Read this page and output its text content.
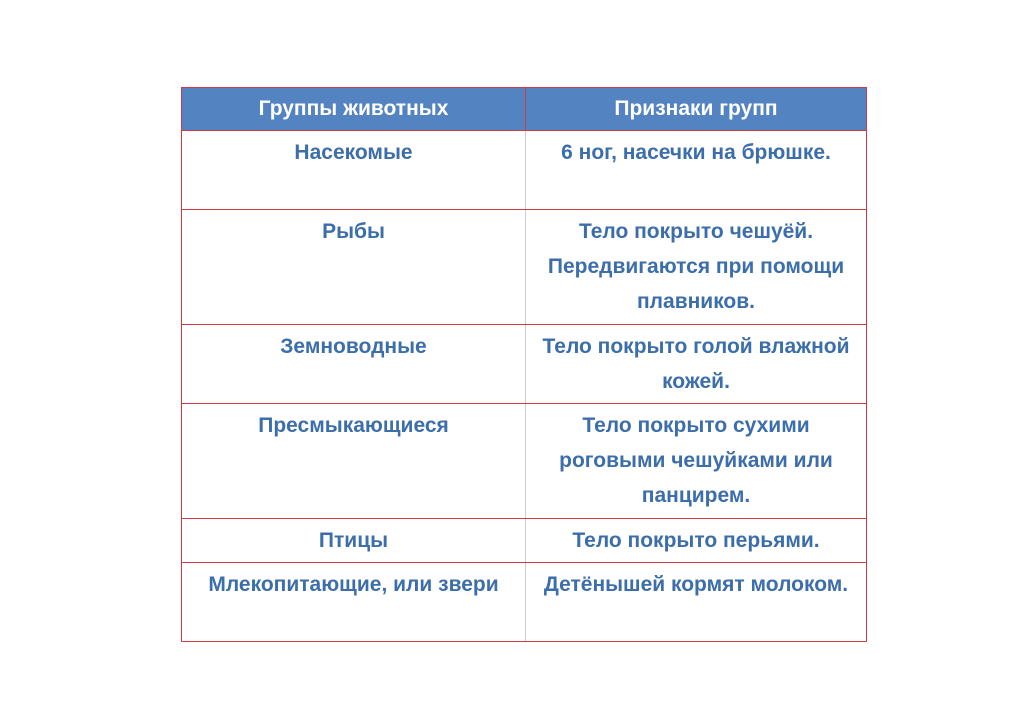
Группы животных	Признаки групп
Насекомые	6 ног, насечки на брюшке.
Рыбы	Тело покрыто чешуёй. Передвигаются при помощи плавников.
Земноводные	Тело покрыто голой влажной кожей.
Пресмыкающиеся	Тело покрыто сухими роговыми чешуйками или панцирем.
Птицы	Тело покрыто перьями.
Млекопитающие, или звери	Детёнышей кормят молоком.
